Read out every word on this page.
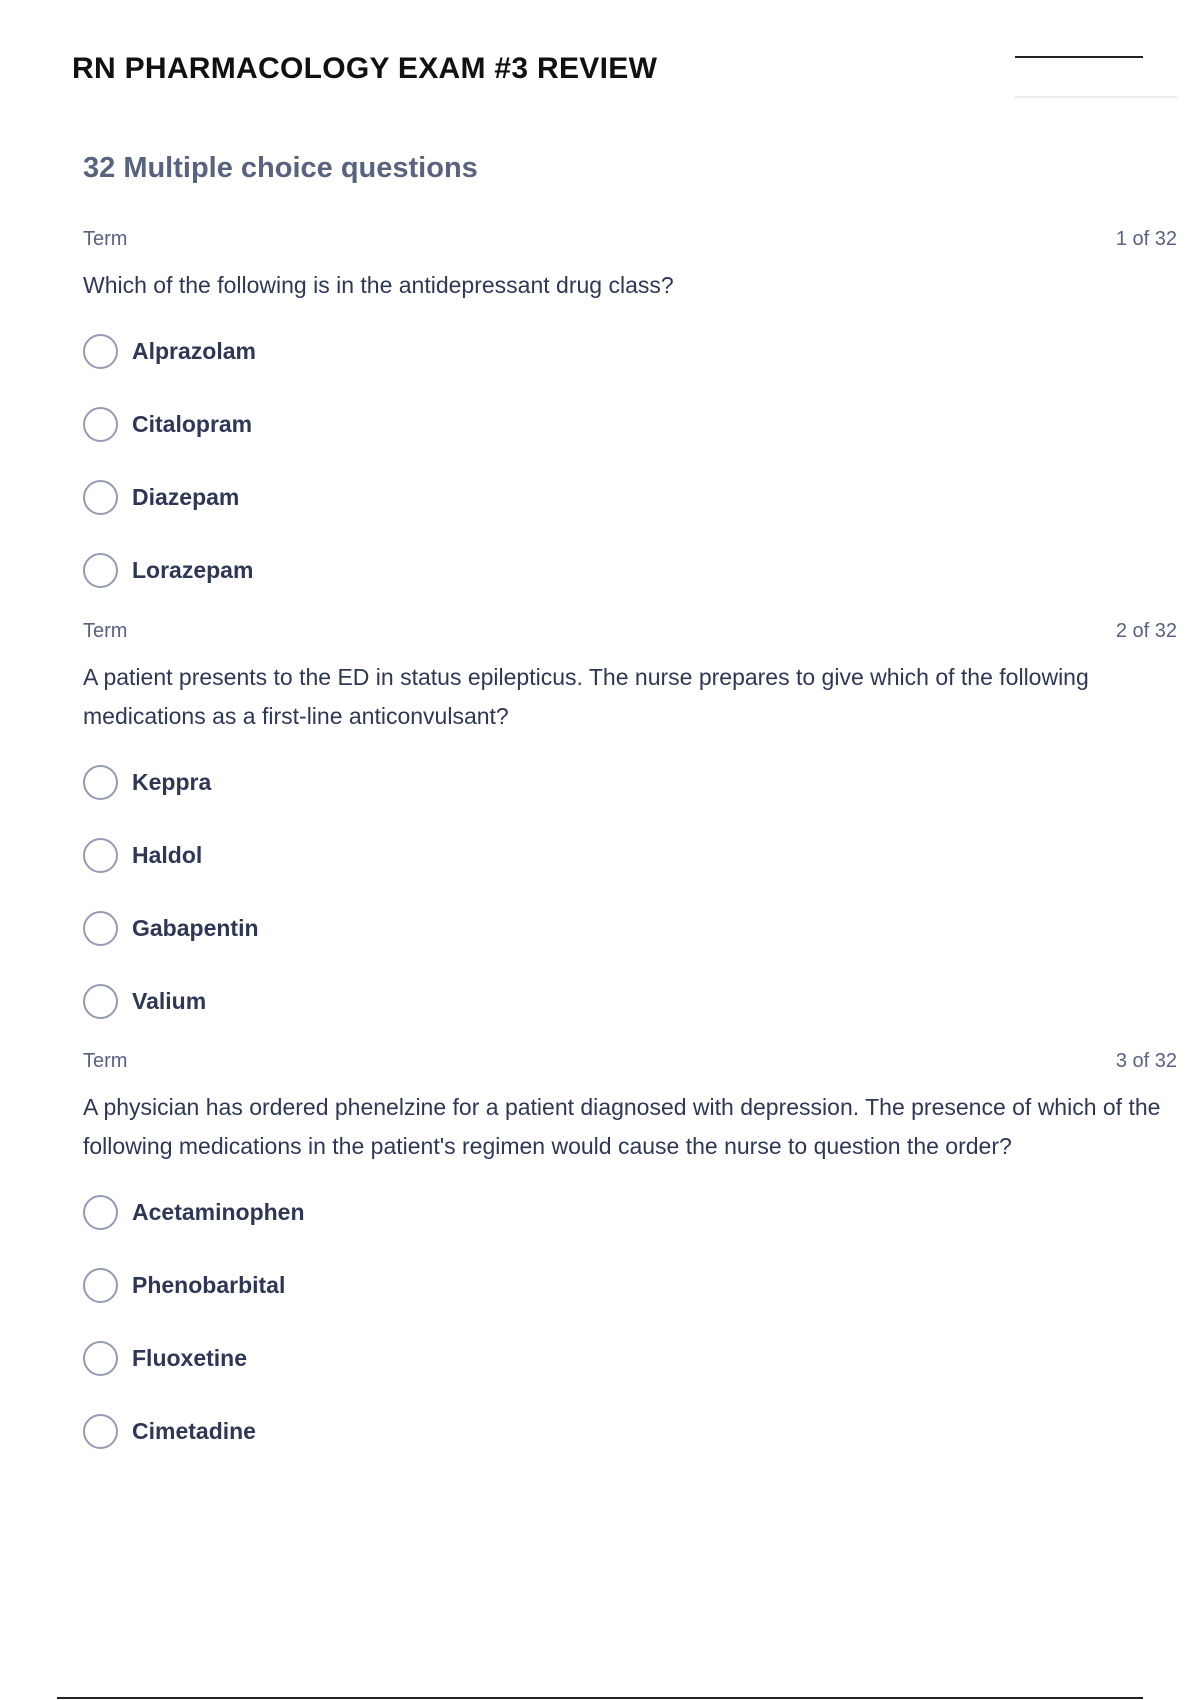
RN PHARMACOLOGY EXAM #3 REVIEW
32 Multiple choice questions
Term	1 of 32
Which of the following is in the antidepressant drug class?
Alprazolam
Citalopram
Diazepam
Lorazepam
Term	2 of 32
A patient presents to the ED in status epilepticus. The nurse prepares to give which of the following medications as a first-line anticonvulsant?
Keppra
Haldol
Gabapentin
Valium
Term	3 of 32
A physician has ordered phenelzine for a patient diagnosed with depression. The presence of which of the following medications in the patient's regimen would cause the nurse to question the order?
Acetaminophen
Phenobarbital
Fluoxetine
Cimetadine
